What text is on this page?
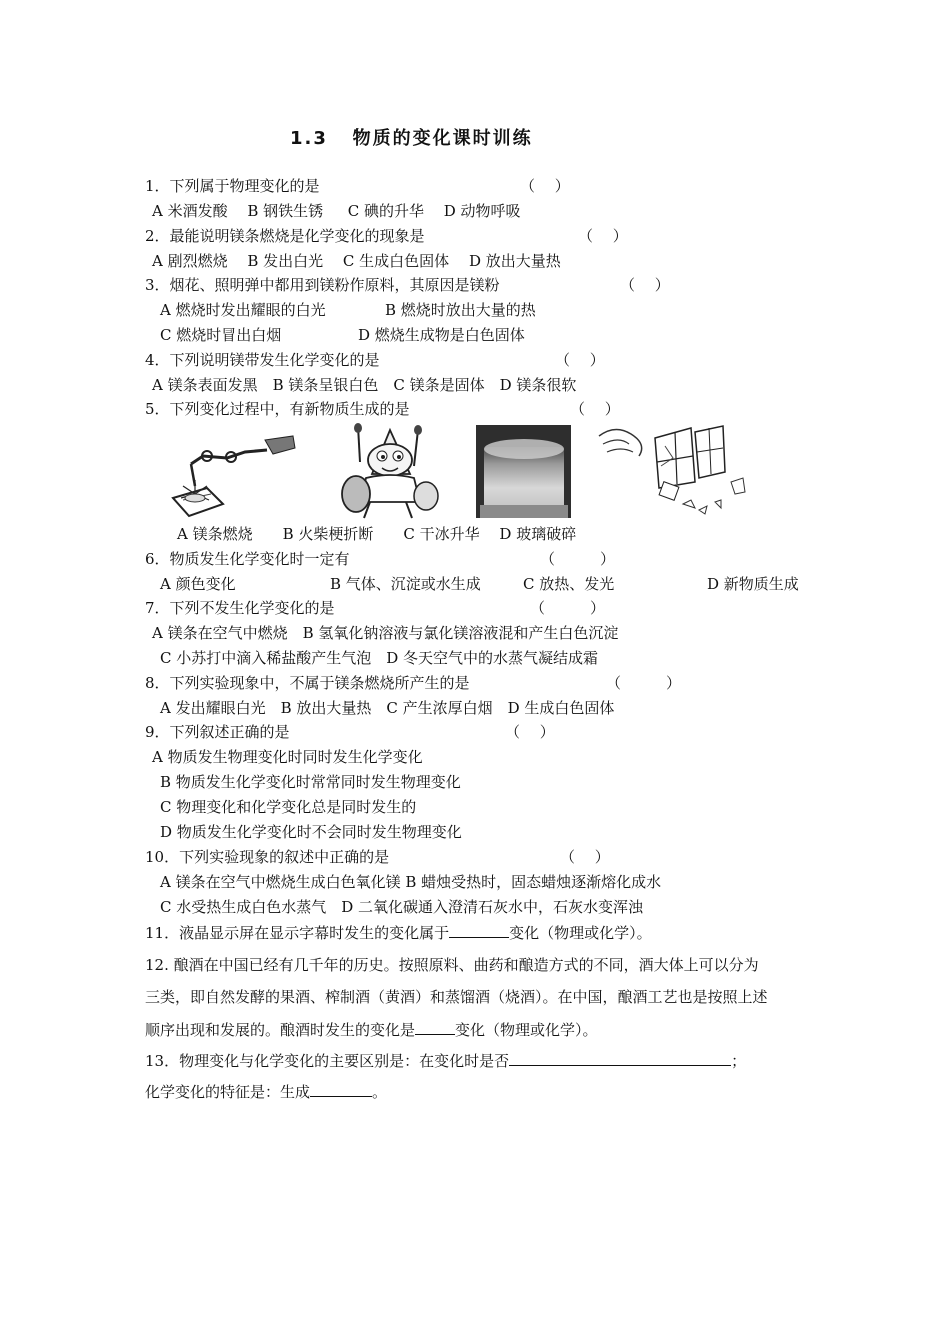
1.3   物质的变化课时训练
1．下列属于物理变化的是	（　 ）
A 米酒发酸　 B 钢铁生锈　  C 碘的升华　 D 动物呼吸
2．最能说明镁条燃烧是化学变化的现象是	（　 ）
A 剧烈燃烧　 B 发出白光　 C 生成白色固体　 D 放出大量热
3．烟花、照明弹中都用到镁粉作原料，其原因是镁粉	（　 ）
A 燃烧时发出耀眼的白光	B 燃烧时放出大量的热
C 燃烧时冒出白烟	D 燃烧生成物是白色固体
4．下列说明镁带发生化学变化的是	（　 ）
A 镁条表面发黑　B 镁条呈银白色　C 镁条是固体　D 镁条很软
5．下列变化过程中，有新物质生成的是	（　 ）
A 镁条燃烧　　B 火柴梗折断　　C 干冰升华　 D 玻璃破碎
6．物质发生化学变化时一定有	（　　　）
A 颜色变化	B 气体、沉淀或水生成	C 放热、发光	D 新物质生成
7．下列不发生化学变化的是	（　　　）
A 镁条在空气中燃烧　B 氢氧化钠溶液与氯化镁溶液混和产生白色沉淀
C 小苏打中滴入稀盐酸产生气泡　D 冬天空气中的水蒸气凝结成霜
8．下列实验现象中，不属于镁条燃烧所产生的是	（　　　）
A 发出耀眼白光　B 放出大量热　C 产生浓厚白烟　D 生成白色固体
9．下列叙述正确的是	（　 ）
A 物质发生物理变化时同时发生化学变化
B 物质发生化学变化时常常同时发生物理变化
C 物理变化和化学变化总是同时发生的
D 物质发生化学变化时不会同时发生物理变化
10．下列实验现象的叙述中正确的是	（　 ）
A 镁条在空气中燃烧生成白色氧化镁 B 蜡烛受热时，固态蜡烛逐渐熔化成水
C 水受热生成白色水蒸气　D 二氧化碳通入澄清石灰水中，石灰水变浑浊
11．液晶显示屏在显示字幕时发生的变化属于	变化（物理或化学）。
12. 酿酒在中国已经有几千年的历史。按照原料、曲药和酿造方式的不同，酒大体上可以分为
三类，即自然发酵的果酒、榨制酒（黄酒）和蒸馏酒（烧酒）。在中国，酿酒工艺也是按照上述
顺序出现和发展的。酿酒时发生的变化是	变化（物理或化学）。
13．物理变化与化学变化的主要区别是：在变化时是否	；
化学变化的特征是：生成	。
